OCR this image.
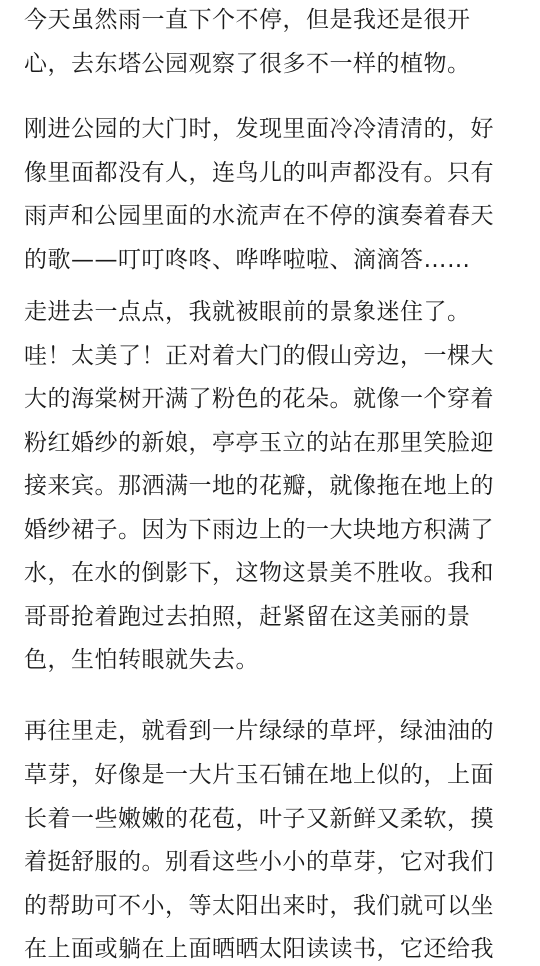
今天虽然雨一直下个不停，但是我还是很开
心，去东塔公园观察了很多不一样的植物。
刚进公园的大门时，发现里面冷冷清清的，好
像里面都没有人，连鸟儿的叫声都没有。只有
雨声和公园里面的水流声在不停的演奏着春天
的歌——叮叮咚咚、哗哗啦啦、滴滴答……
走进去一点点，我就被眼前的景象迷住了。
哇！太美了！正对着大门的假山旁边，一棵大
大的海棠树开满了粉色的花朵。就像一个穿着
粉红婚纱的新娘，亭亭玉立的站在那里笑脸迎
接来宾。那洒满一地的花瓣，就像拖在地上的
婚纱裙子。因为下雨边上的一大块地方积满了
水，在水的倒影下，这物这景美不胜收。我和
哥哥抢着跑过去拍照，赶紧留在这美丽的景
色，生怕转眼就失去。
再往里走，就看到一片绿绿的草坪，绿油油的
草芽，好像是一大片玉石铺在地上似的，上面
长着一些嫩嫩的花苞，叶子又新鲜又柔软，摸
着挺舒服的。别看这些小小的草芽，它对我们
的帮助可不小，等太阳出来时，我们就可以坐
在上面或躺在上面晒晒太阳读读书，它还给我
